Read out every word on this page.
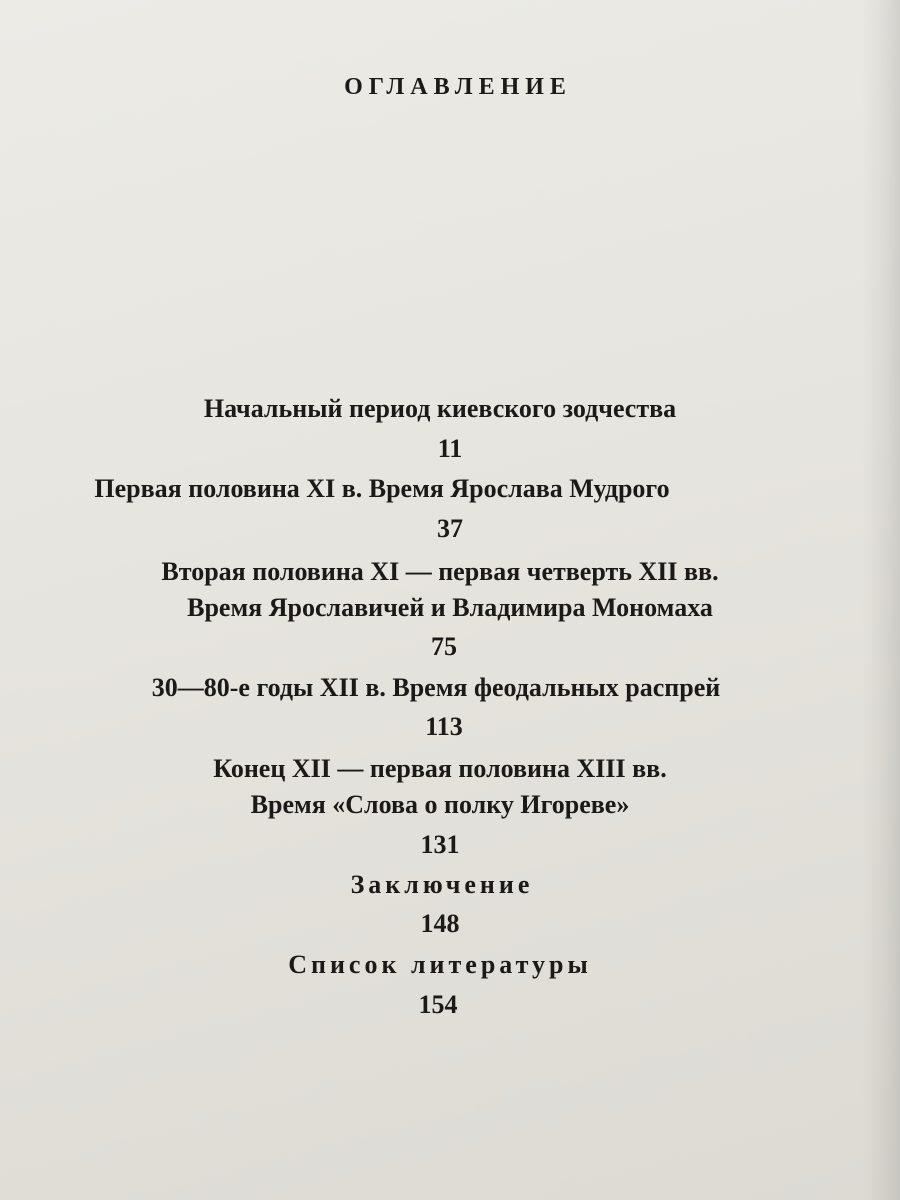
ОГЛАВЛЕНИЕ
Начальный период киевского зодчества
11
Первая половина XI в. Время Ярослава Мудрого
37
Вторая половина XI — первая четверть XII вв.
Время Ярославичей и Владимира Мономаха
75
30—80-е годы XII в. Время феодальных распрей
113
Конец XII — первая половина XIII вв.
Время «Слова о полку Игореве»
131
Заключение
148
Список литературы
154
